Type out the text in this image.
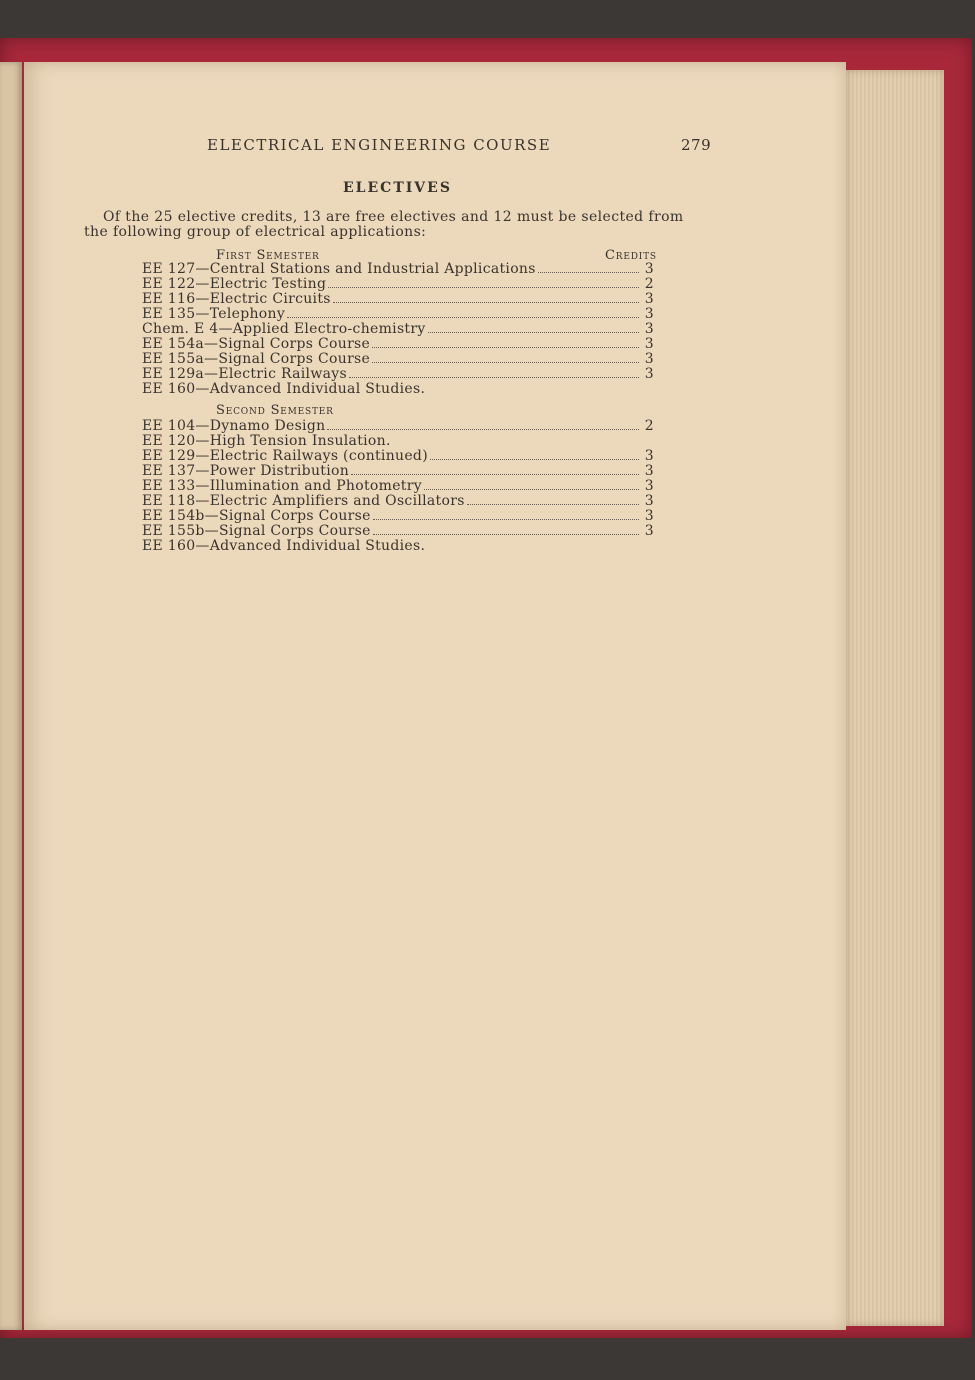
ELECTRICAL ENGINEERING COURSE	279
ELECTIVES
Of the 25 elective credits, 13 are free electives and 12 must be selected from
the following group of electrical applications:
First Semester	Credits
EE 127—Central Stations and Industrial Applications	3
EE 122—Electric Testing	2
EE 116—Electric Circuits	3
EE 135—Telephony	3
Chem. E 4—Applied Electro-chemistry	3
EE 154a—Signal Corps Course	3
EE 155a—Signal Corps Course	3
EE 129a—Electric Railways	3
EE 160—Advanced Individual Studies.
Second Semester
EE 104—Dynamo Design	2
EE 120—High Tension Insulation.
EE 129—Electric Railways (continued)	3
EE 137—Power Distribution	3
EE 133—Illumination and Photometry	3
EE 118—Electric Amplifiers and Oscillators	3
EE 154b—Signal Corps Course	3
EE 155b—Signal Corps Course	3
EE 160—Advanced Individual Studies.
